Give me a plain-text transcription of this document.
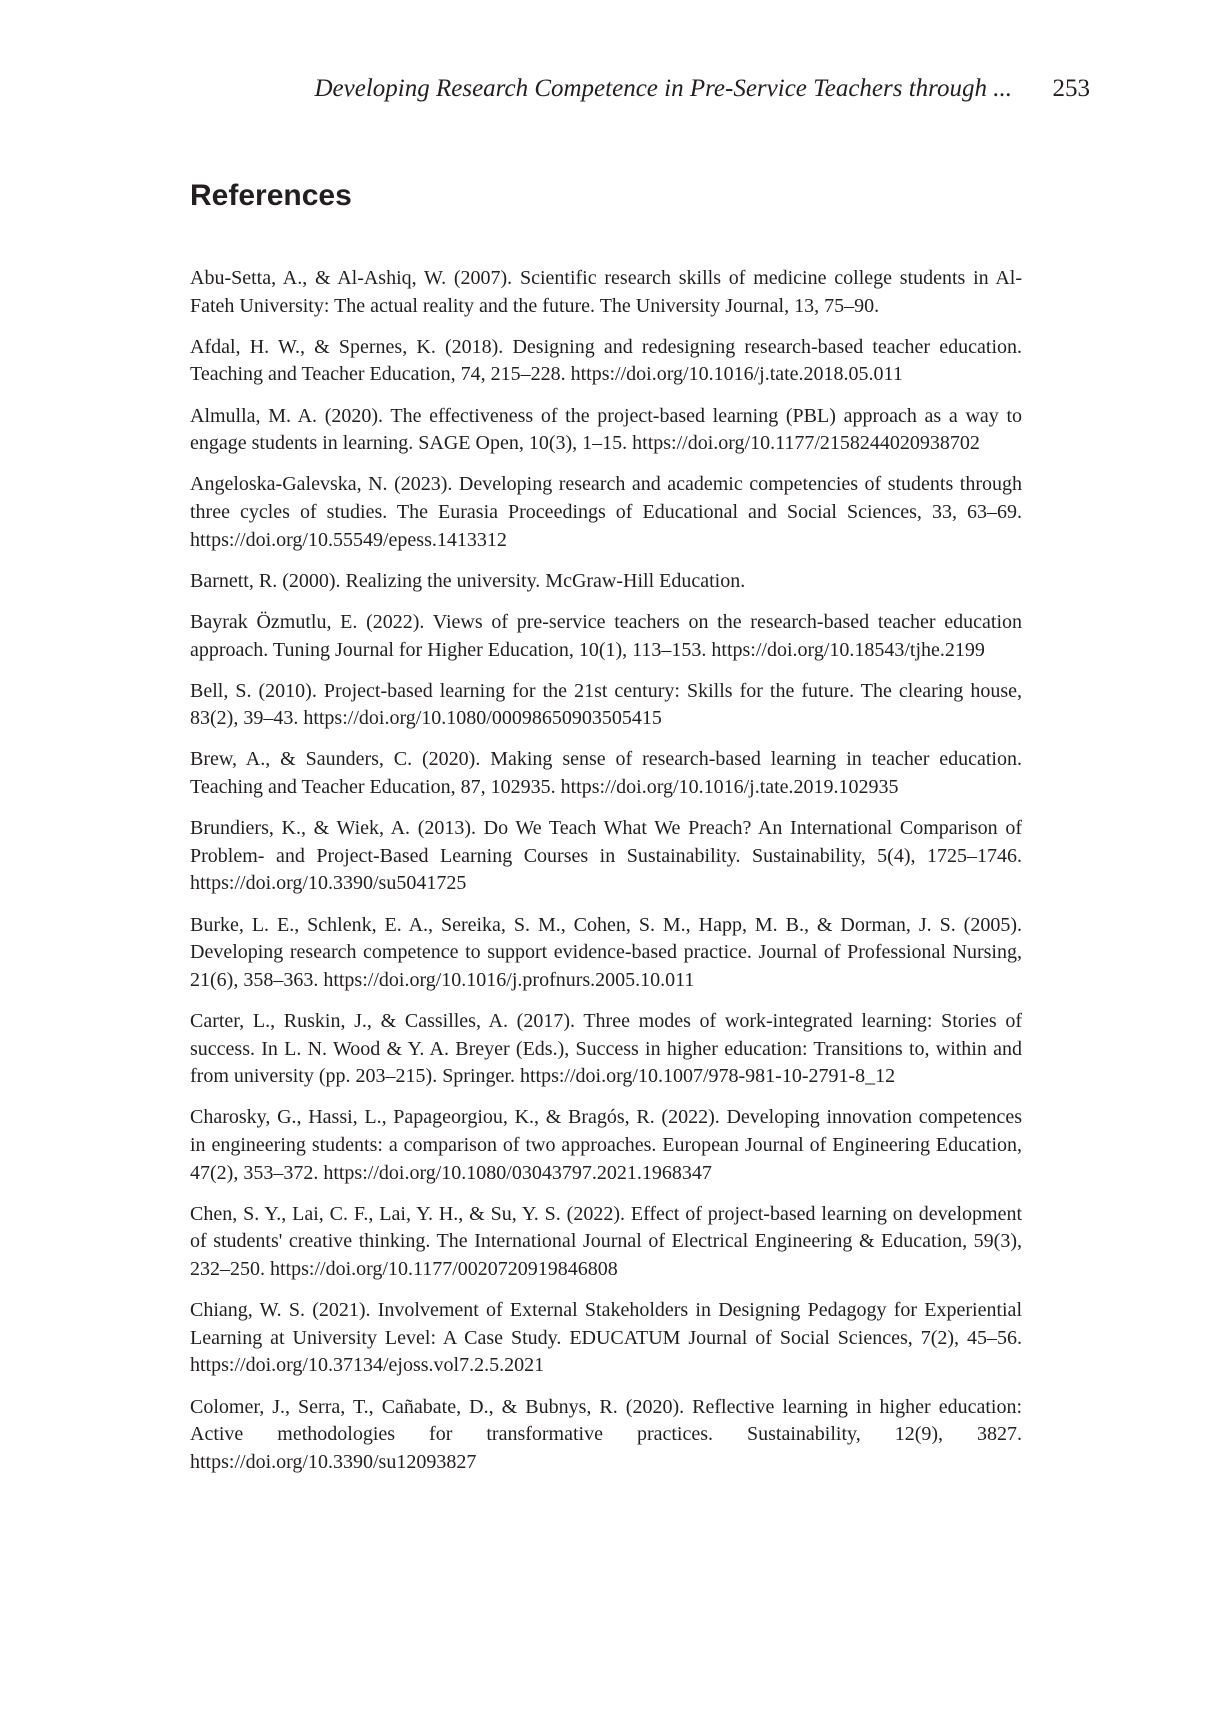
Developing Research Competence in Pre-Service Teachers through ... 253
References
Abu-Setta, A., & Al-Ashiq, W. (2007). Scientific research skills of medicine college students in Al-Fateh University: The actual reality and the future. The University Journal, 13, 75–90.
Afdal, H. W., & Spernes, K. (2018). Designing and redesigning research-based teacher education. Teaching and Teacher Education, 74, 215–228. https://doi.org/10.1016/j.tate.2018.05.011
Almulla, M. A. (2020). The effectiveness of the project-based learning (PBL) approach as a way to engage students in learning. SAGE Open, 10(3), 1–15. https://doi.org/10.1177/2158244020938702
Angeloska-Galevska, N. (2023). Developing research and academic competencies of students through three cycles of studies. The Eurasia Proceedings of Educational and Social Sciences, 33, 63–69. https://doi.org/10.55549/epess.1413312
Barnett, R. (2000). Realizing the university. McGraw-Hill Education.
Bayrak Özmutlu, E. (2022). Views of pre-service teachers on the research-based teacher education approach. Tuning Journal for Higher Education, 10(1), 113–153. https://doi.org/10.18543/tjhe.2199
Bell, S. (2010). Project-based learning for the 21st century: Skills for the future. The clearing house, 83(2), 39–43. https://doi.org/10.1080/00098650903505415
Brew, A., & Saunders, C. (2020). Making sense of research-based learning in teacher education. Teaching and Teacher Education, 87, 102935. https://doi.org/10.1016/j.tate.2019.102935
Brundiers, K., & Wiek, A. (2013). Do We Teach What We Preach? An International Comparison of Problem- and Project-Based Learning Courses in Sustainability. Sustainability, 5(4), 1725–1746. https://doi.org/10.3390/su5041725
Burke, L. E., Schlenk, E. A., Sereika, S. M., Cohen, S. M., Happ, M. B., & Dorman, J. S. (2005). Developing research competence to support evidence-based practice. Journal of Professional Nursing, 21(6), 358–363. https://doi.org/10.1016/j.profnurs.2005.10.011
Carter, L., Ruskin, J., & Cassilles, A. (2017). Three modes of work-integrated learning: Stories of success. In L. N. Wood & Y. A. Breyer (Eds.), Success in higher education: Transitions to, within and from university (pp. 203–215). Springer. https://doi.org/10.1007/978-981-10-2791-8_12
Charosky, G., Hassi, L., Papageorgiou, K., & Bragós, R. (2022). Developing innovation competences in engineering students: a comparison of two approaches. European Journal of Engineering Education, 47(2), 353–372. https://doi.org/10.1080/03043797.2021.1968347
Chen, S. Y., Lai, C. F., Lai, Y. H., & Su, Y. S. (2022). Effect of project-based learning on development of students' creative thinking. The International Journal of Electrical Engineering & Education, 59(3), 232–250. https://doi.org/10.1177/0020720919846808
Chiang, W. S. (2021). Involvement of External Stakeholders in Designing Pedagogy for Experiential Learning at University Level: A Case Study. EDUCATUM Journal of Social Sciences, 7(2), 45–56. https://doi.org/10.37134/ejoss.vol7.2.5.2021
Colomer, J., Serra, T., Cañabate, D., & Bubnys, R. (2020). Reflective learning in higher education: Active methodologies for transformative practices. Sustainability, 12(9), 3827. https://doi.org/10.3390/su12093827
